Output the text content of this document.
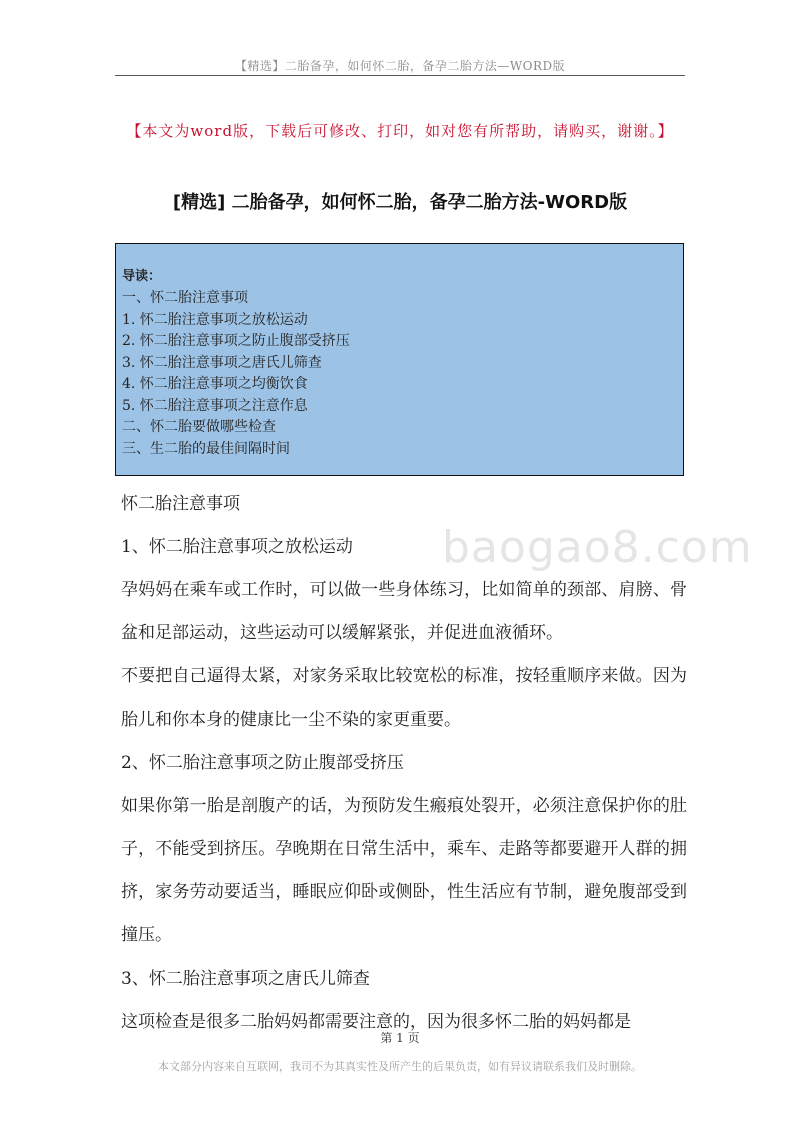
【精选】二胎备孕，如何怀二胎，备孕二胎方法—WORD版
【本文为word版，下载后可修改、打印，如对您有所帮助，请购买，谢谢。】
[精选] 二胎备孕，如何怀二胎，备孕二胎方法-WORD版
导读：
一、怀二胎注意事项
1. 怀二胎注意事项之放松运动
2. 怀二胎注意事项之防止腹部受挤压
3. 怀二胎注意事项之唐氏儿筛查
4. 怀二胎注意事项之均衡饮食
5. 怀二胎注意事项之注意作息
二、怀二胎要做哪些检查
三、生二胎的最佳间隔时间

怀二胎注意事项

1、怀二胎注意事项之放松运动

孕妈妈在乘车或工作时，可以做一些身体练习，比如简单的颈部、肩膀、骨盆和足部运动，这些运动可以缓解紧张，并促进血液循环。

不要把自己逼得太紧，对家务采取比较宽松的标准，按轻重顺序来做。因为胎儿和你本身的健康比一尘不染的家更重要。

2、怀二胎注意事项之防止腹部受挤压

如果你第一胎是剖腹产的话，为预防发生瘢痕处裂开，必须注意保护你的肚子，不能受到挤压。孕晚期在日常生活中，乘车、走路等都要避开人群的拥挤，家务劳动要适当，睡眠应仰卧或侧卧，性生活应有节制，避免腹部受到撞压。

3、怀二胎注意事项之唐氏儿筛查

这项检查是很多二胎妈妈都需要注意的，因为很多怀二胎的妈妈都是

baogao8.com
第 1 页
本文部分内容来自互联网，我司不为其真实性及所产生的后果负责，如有异议请联系我们及时删除。
